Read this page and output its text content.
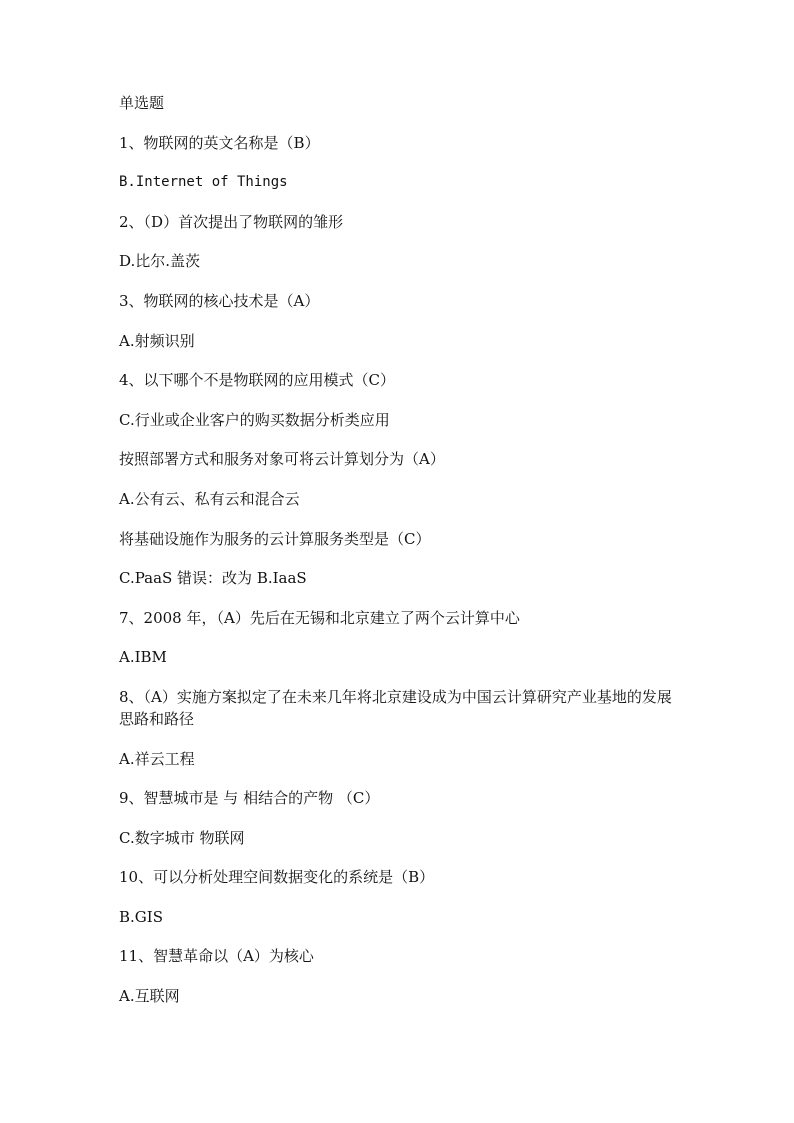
单选题
1、物联网的英文名称是（B）
B.Internet of Things
2、（D）首次提出了物联网的雏形
D.比尔.盖茨
3、物联网的核心技术是（A）
A.射频识别
4、以下哪个不是物联网的应用模式（C）
C.行业或企业客户的购买数据分析类应用
按照部署方式和服务对象可将云计算划分为（A）
A.公有云、私有云和混合云
将基础设施作为服务的云计算服务类型是（C）
C.PaaS 错误：改为 B.IaaS
7、2008 年，（A）先后在无锡和北京建立了两个云计算中心
A.IBM
8、（A）实施方案拟定了在未来几年将北京建设成为中国云计算研究产业基地的发展思路和路径
A.祥云工程
9、智慧城市是 与 相结合的产物 （C）
C.数字城市 物联网
10、可以分析处理空间数据变化的系统是（B）
B.GIS
11、智慧革命以（A）为核心
A.互联网
